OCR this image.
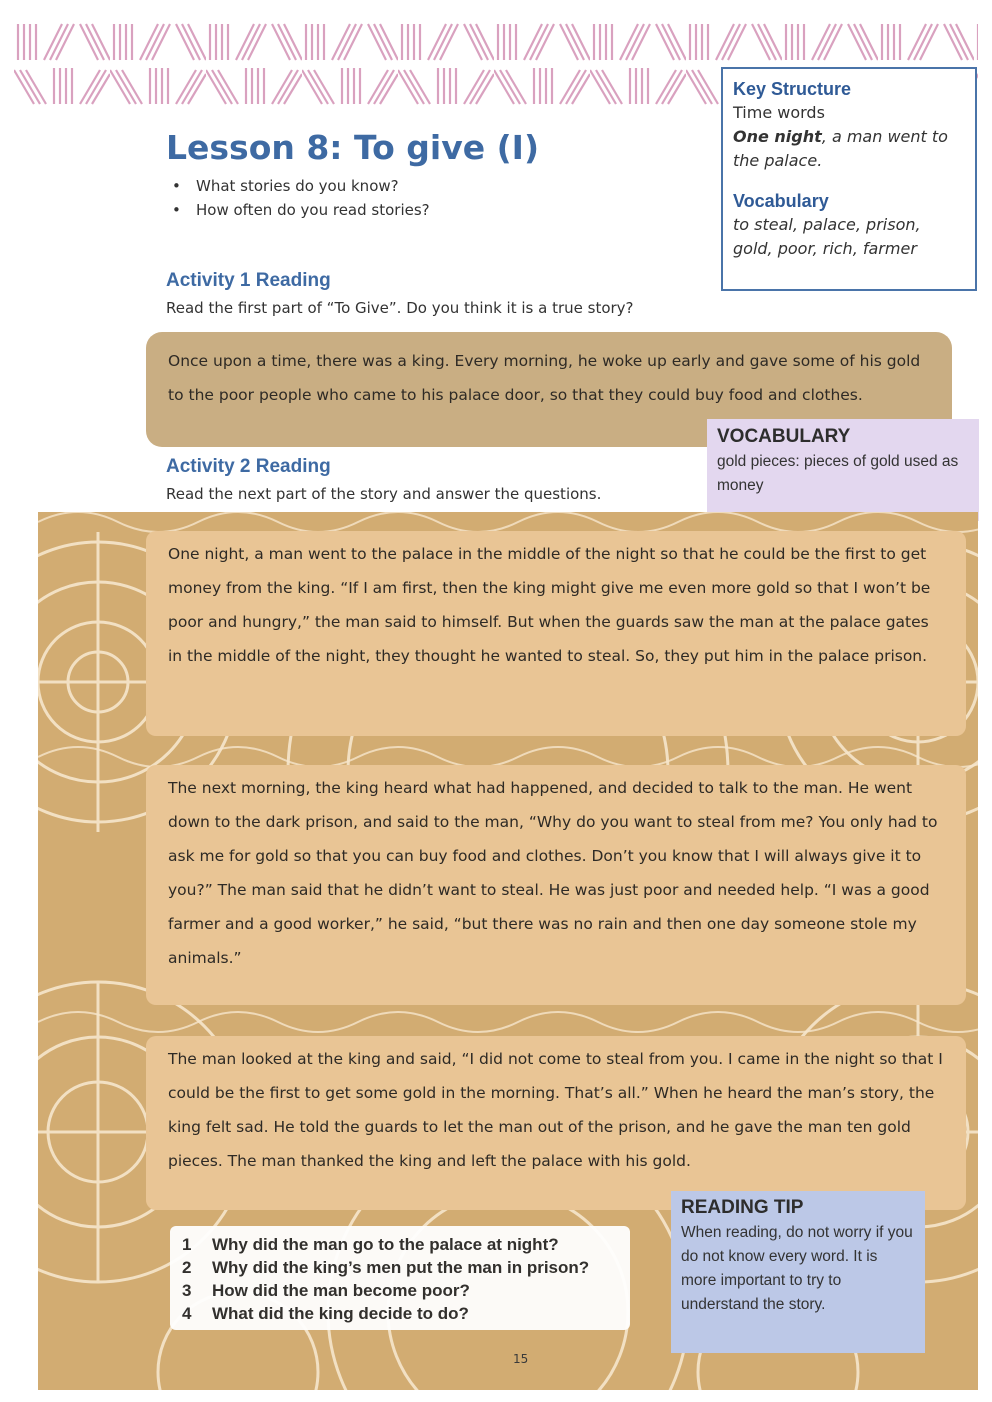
Key Structure
Time words
One night, a man went to the palace.
Vocabulary
to steal, palace, prison, gold, poor, rich, farmer
Lesson 8: To give (I)
• What stories do you know?
• How often do you read stories?
Activity 1 Reading
Read the first part of “To Give”. Do you think it is a true story?
Once upon a time, there was a king. Every morning, he woke up early and gave some of his gold to the poor people who came to his palace door, so that they could buy food and clothes.
Activity 2 Reading
Read the next part of the story and answer the questions.
VOCABULARY
gold pieces: pieces of gold used as money
One night, a man went to the palace in the middle of the night so that he could be the first to get money from the king. “If I am first, then the king might give me even more gold so that I won’t be poor and hungry,” the man said to himself. But when the guards saw the man at the palace gates in the middle of the night, they thought he wanted to steal. So, they put him in the palace prison.
The next morning, the king heard what had happened, and decided to talk to the man. He went down to the dark prison, and said to the man, “Why do you want to steal from me? You only had to ask me for gold so that you can buy food and clothes. Don’t you know that I will always give it to you?” The man said that he didn’t want to steal. He was just poor and needed help. “I was a good farmer and a good worker,” he said, “but there was no rain and then one day someone stole my animals.”
The man looked at the king and said, “I did not come to steal from you. I came in the night so that I could be the first to get some gold in the morning. That’s all.” When he heard the man’s story, the king felt sad. He told the guards to let the man out of the prison, and he gave the man ten gold pieces. The man thanked the king and left the palace with his gold.
1	Why did the man go to the palace at night?
2	Why did the king’s men put the man in prison?
3	How did the man become poor?
4	What did the king decide to do?
READING TIP
When reading, do not worry if you do not know every word. It is more important to try to understand the story.
15
